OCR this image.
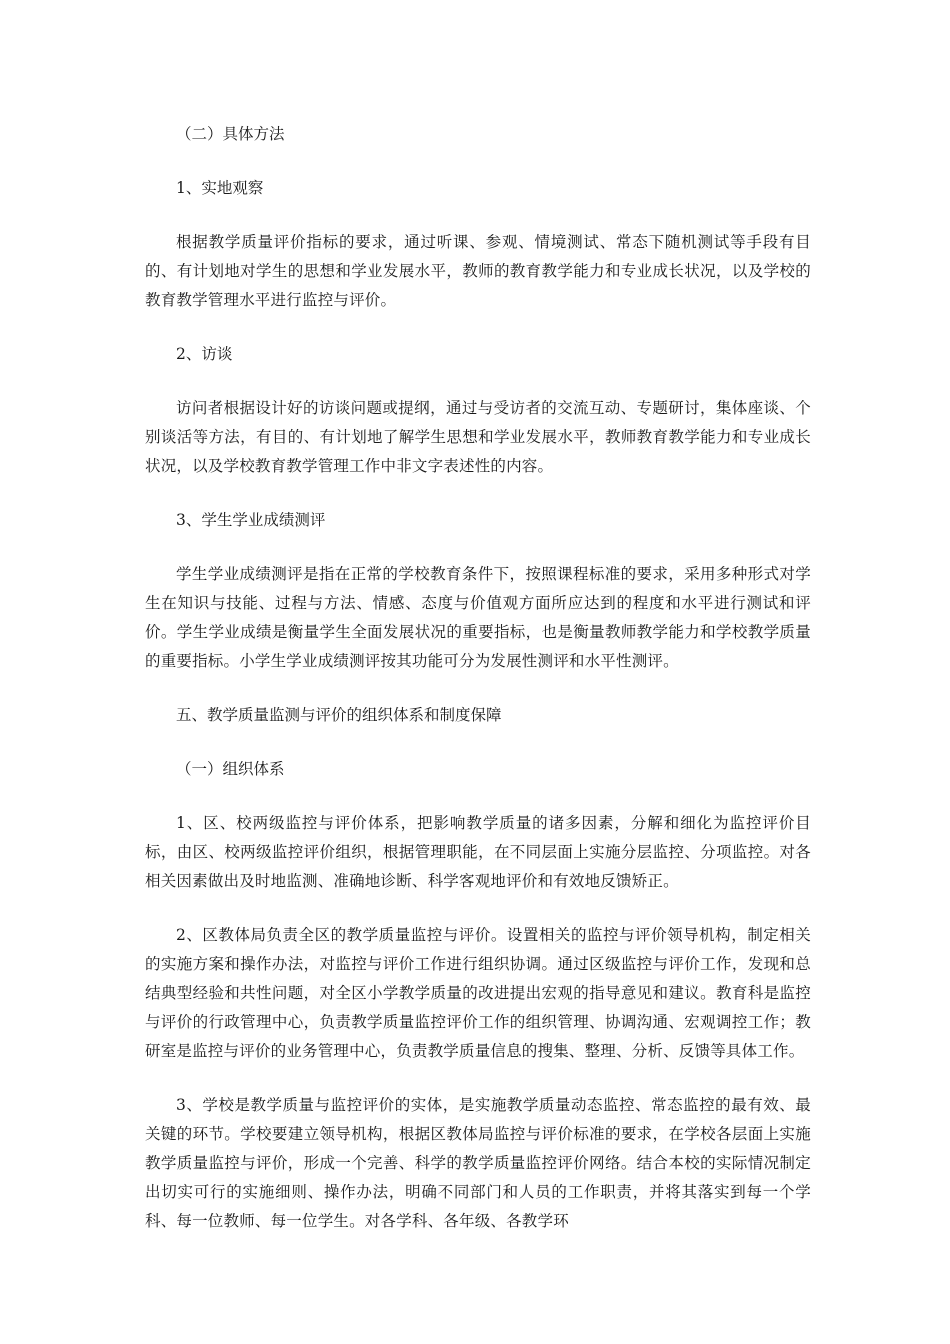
（二）具体方法

1、实地观察

根据教学质量评价指标的要求，通过听课、参观、情境测试、常态下随机测试等手段有目的、有计划地对学生的思想和学业发展水平，教师的教育教学能力和专业成长状况，以及学校的教育教学管理水平进行监控与评价。

2、访谈

访问者根据设计好的访谈问题或提纲，通过与受访者的交流互动、专题研讨，集体座谈、个别谈活等方法，有目的、有计划地了解学生思想和学业发展水平，教师教育教学能力和专业成长状况，以及学校教育教学管理工作中非文字表述性的内容。

3、学生学业成绩测评

学生学业成绩测评是指在正常的学校教育条件下，按照课程标准的要求，采用多种形式对学生在知识与技能、过程与方法、情感、态度与价值观方面所应达到的程度和水平进行测试和评价。学生学业成绩是衡量学生全面发展状况的重要指标，也是衡量教师教学能力和学校教学质量的重要指标。小学生学业成绩测评按其功能可分为发展性测评和水平性测评。

五、教学质量监测与评价的组织体系和制度保障

（一）组织体系

1、区、校两级监控与评价体系，把影响教学质量的诸多因素，分解和细化为监控评价目标，由区、校两级监控评价组织，根据管理职能，在不同层面上实施分层监控、分项监控。对各相关因素做出及时地监测、准确地诊断、科学客观地评价和有效地反馈矫正。

2、区教体局负责全区的教学质量监控与评价。设置相关的监控与评价领导机构，制定相关的实施方案和操作办法，对监控与评价工作进行组织协调。通过区级监控与评价工作，发现和总结典型经验和共性问题，对全区小学教学质量的改进提出宏观的指导意见和建议。教育科是监控与评价的行政管理中心，负责教学质量监控评价工作的组织管理、协调沟通、宏观调控工作；教研室是监控与评价的业务管理中心，负责教学质量信息的搜集、整理、分析、反馈等具体工作。

3、学校是教学质量与监控评价的实体，是实施教学质量动态监控、常态监控的最有效、最关键的环节。学校要建立领导机构，根据区教体局监控与评价标准的要求，在学校各层面上实施教学质量监控与评价，形成一个完善、科学的教学质量监控评价网络。结合本校的实际情况制定出切实可行的实施细则、操作办法，明确不同部门和人员的工作职责，并将其落实到每一个学科、每一位教师、每一位学生。对各学科、各年级、各教学环
